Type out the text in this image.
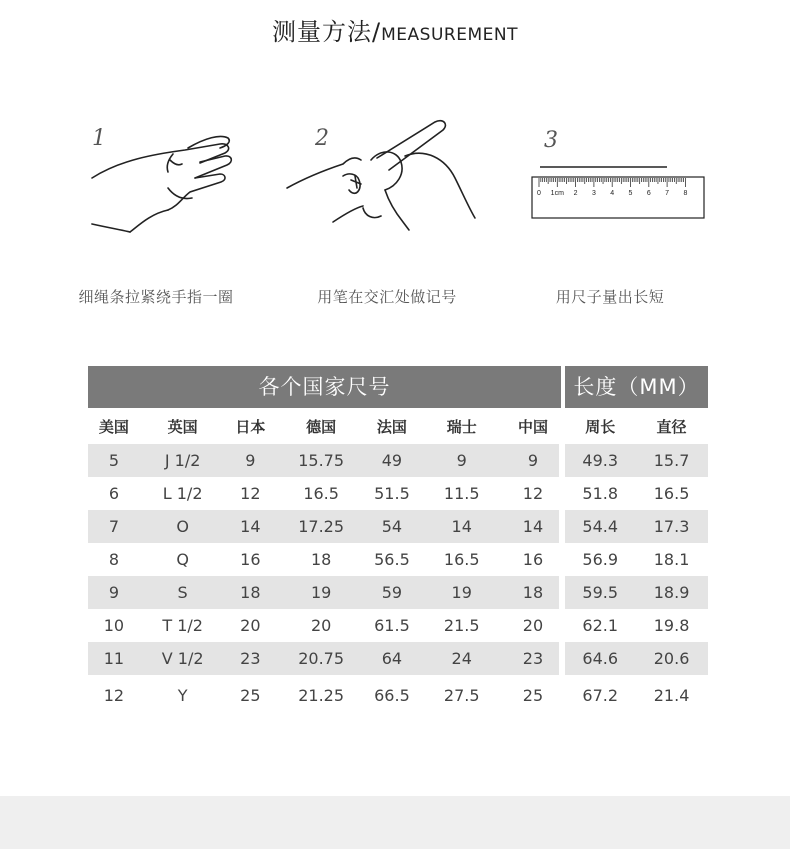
测量方法/MEASUREMENT
1
细绳条拉紧绕手指一圈
2
用笔在交汇处做记号
3
0 1cm 2 3 4 5 6 7 8
用尺子量出长短
各个国家尺号	长度（MM）
美国	英国	日本	德国	法国	瑞士	中国		周长	直径
5	J 1/2	9	15.75	49	9	9		49.3	15.7
6	L 1/2	12	16.5	51.5	11.5	12		51.8	16.5
7	O	14	17.25	54	14	14		54.4	17.3
8	Q	16	18	56.5	16.5	16		56.9	18.1
9	S	18	19	59	19	18		59.5	18.9
10	T 1/2	20	20	61.5	21.5	20		62.1	19.8
11	V 1/2	23	20.75	64	24	23		64.6	20.6
12	Y	25	21.25	66.5	27.5	25		67.2	21.4
